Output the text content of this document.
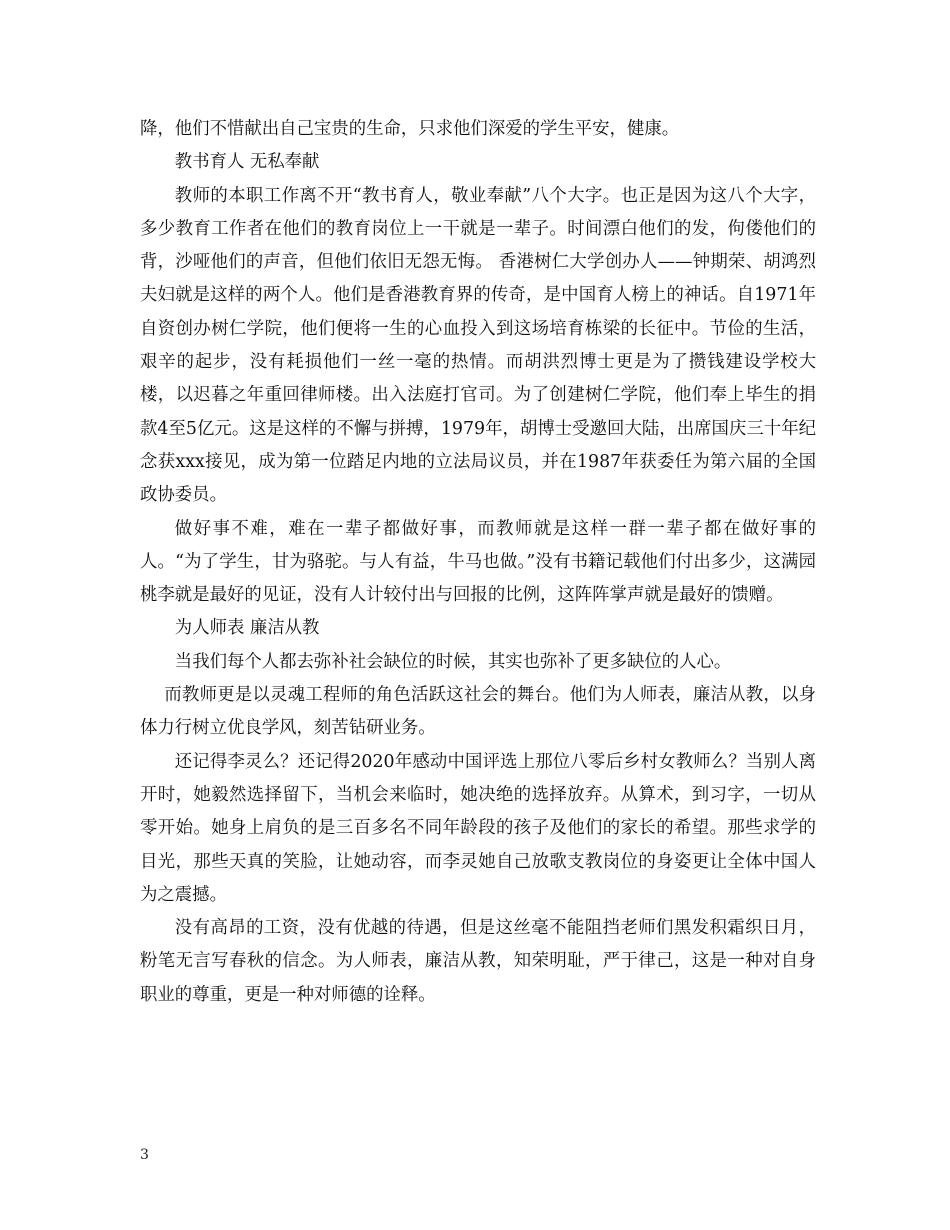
降，他们不惜献出自己宝贵的生命，只求他们深爱的学生平安，健康。

教书育人 无私奉献

教师的本职工作离不开“教书育人，敬业奉献”八个大字。也正是因为这八个大字，多少教育工作者在他们的教育岗位上一干就是一辈子。时间漂白他们的发，佝偻他们的背，沙哑他们的声音，但他们依旧无怨无悔。 香港树仁大学创办人——钟期荣、胡鸿烈夫妇就是这样的两个人。他们是香港教育界的传奇，是中国育人榜上的神话。自1971年自资创办树仁学院，他们便将一生的心血投入到这场培育栋梁的长征中。节俭的生活，艰辛的起步，没有耗损他们一丝一毫的热情。而胡洪烈博士更是为了攒钱建设学校大楼，以迟暮之年重回律师楼。出入法庭打官司。为了创建树仁学院，他们奉上毕生的捐款4至5亿元。这是这样的不懈与拼搏，1979年，胡博士受邀回大陆，出席国庆三十年纪念获xxx接见，成为第一位踏足内地的立法局议员，并在1987年获委任为第六届的全国政协委员。

做好事不难，难在一辈子都做好事，而教师就是这样一群一辈子都在做好事的人。“为了学生，甘为骆驼。与人有益，牛马也做。”没有书籍记载他们付出多少，这满园桃李就是最好的见证，没有人计较付出与回报的比例，这阵阵掌声就是最好的馈赠。

为人师表 廉洁从教

当我们每个人都去弥补社会缺位的时候，其实也弥补了更多缺位的人心。

而教师更是以灵魂工程师的角色活跃这社会的舞台。他们为人师表，廉洁从教，以身体力行树立优良学风，刻苦钻研业务。

还记得李灵么？还记得2020年感动中国评选上那位八零后乡村女教师么？当别人离开时，她毅然选择留下，当机会来临时，她决绝的选择放弃。从算术，到习字，一切从零开始。她身上肩负的是三百多名不同年龄段的孩子及他们的家长的希望。那些求学的目光，那些天真的笑脸，让她动容，而李灵她自己放歌支教岗位的身姿更让全体中国人为之震撼。

没有高昂的工资，没有优越的待遇，但是这丝毫不能阻挡老师们黑发积霜织日月，粉笔无言写春秋的信念。为人师表，廉洁从教，知荣明耻，严于律己，这是一种对自身职业的尊重，更是一种对师德的诠释。

3
